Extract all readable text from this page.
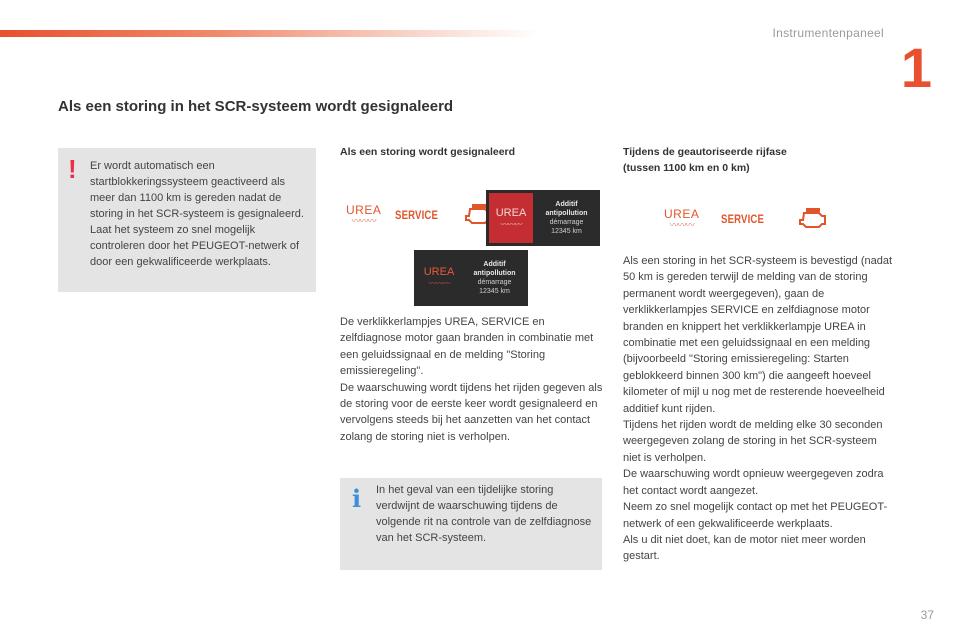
Instrumentenpaneel
1
Als een storing in het SCR-systeem wordt gesignaleerd
! Er wordt automatisch een startblokkeringssysteem geactiveerd als meer dan 1100 km is gereden nadat de storing in het SCR-systeem is gesignaleerd. Laat het systeem zo snel mogelijk controleren door het PEUGEOT-netwerk of door een gekwalificeerde werkplaats.

Als een storing wordt gesignaleerd

UREA
〰〰〰	SERVICE	UREA
〰〰〰
Additif
antipollution
démarrage
12345 km
UREA
〰〰〰
Additif
antipollution
démarrage
12345 km

De verklikkerlampjes UREA, SERVICE en zelfdiagnose motor gaan branden in combinatie met een geluidssignaal en de melding "Storing emissieregeling".
De waarschuwing wordt tijdens het rijden gegeven als de storing voor de eerste keer wordt gesignaleerd en vervolgens steeds bij het aanzetten van het contact zolang de storing niet is verholpen.

i In het geval van een tijdelijke storing verdwijnt de waarschuwing tijdens de volgende rit na controle van de zelfdiagnose van het SCR-systeem.

Tijdens de geautoriseerde rijfase

(tussen 1100 km en 0 km)

UREA
〰〰〰	SERVICE

Als een storing in het SCR-systeem is bevestigd (nadat 50 km is gereden terwijl de melding van de storing permanent wordt weergegeven), gaan de verklikkerlampjes SERVICE en zelfdiagnose motor branden en knippert het verklikkerlampje UREA in combinatie met een geluidssignaal en een melding (bijvoorbeeld "Storing emissieregeling: Starten geblokkeerd binnen 300 km") die aangeeft hoeveel kilometer of mijl u nog met de resterende hoeveelheid additief kunt rijden.
Tijdens het rijden wordt de melding elke 30 seconden weergegeven zolang de storing in het SCR-systeem niet is verholpen.
De waarschuwing wordt opnieuw weergegeven zodra het contact wordt aangezet.
Neem zo snel mogelijk contact op met het PEUGEOT-netwerk of een gekwalificeerde werkplaats.
Als u dit niet doet, kan de motor niet meer worden gestart.

37
